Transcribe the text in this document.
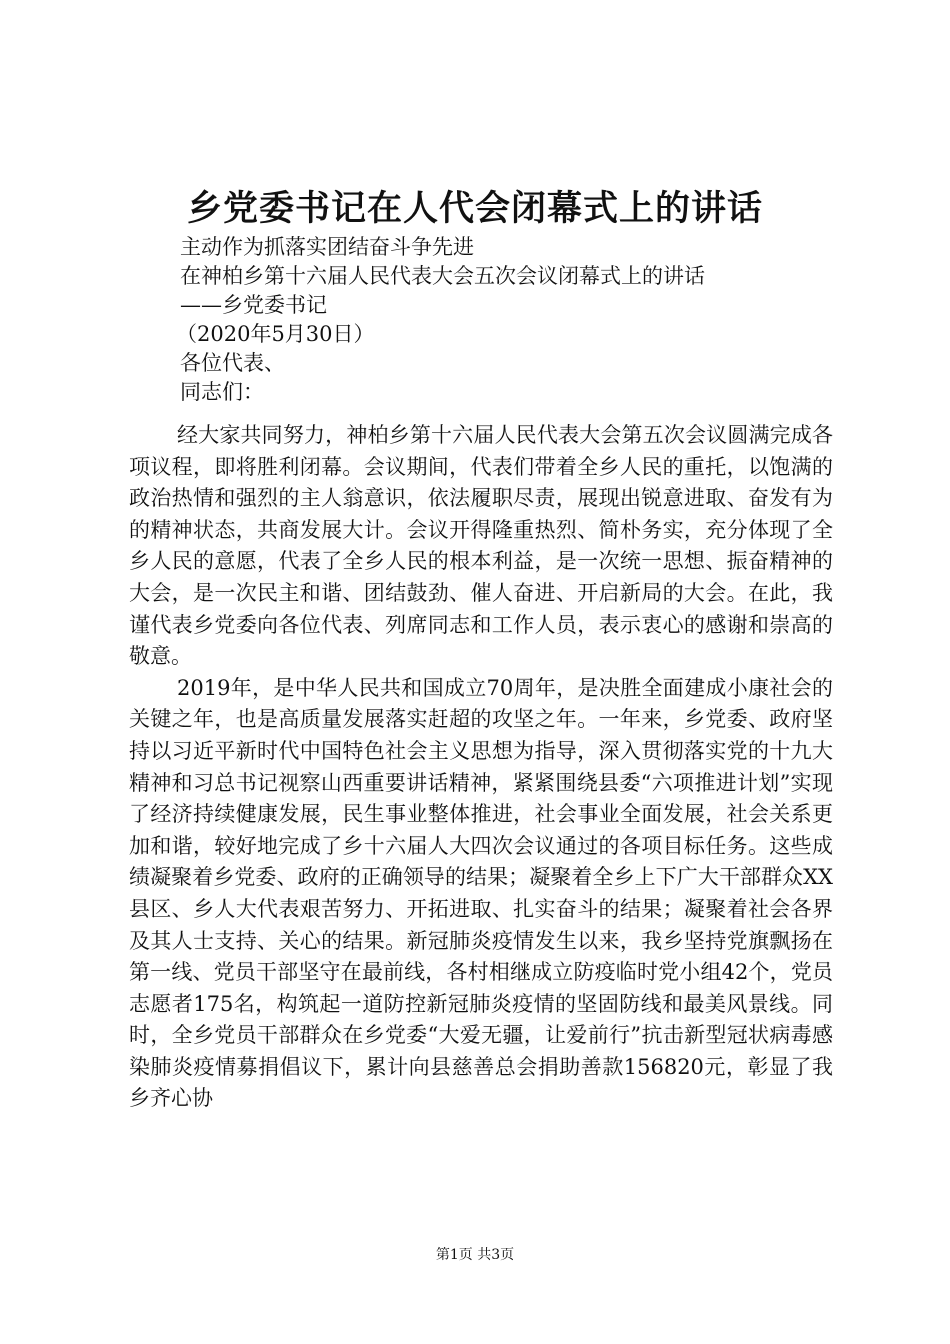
乡党委书记在人代会闭幕式上的讲话

主动作为抓落实团结奋斗争先进

在神柏乡第十六届人民代表大会五次会议闭幕式上的讲话

——乡党委书记

（2020年5月30日）

各位代表、

同志们：

经大家共同努力，神柏乡第十六届人民代表大会第五次会议圆满完成各项议程，即将胜利闭幕。会议期间，代表们带着全乡人民的重托，以饱满的政治热情和强烈的主人翁意识，依法履职尽责，展现出锐意进取、奋发有为的精神状态，共商发展大计。会议开得隆重热烈、简朴务实，充分体现了全乡人民的意愿，代表了全乡人民的根本利益，是一次统一思想、振奋精神的大会，是一次民主和谐、团结鼓劲、催人奋进、开启新局的大会。在此，我谨代表乡党委向各位代表、列席同志和工作人员，表示衷心的感谢和崇高的敬意。

2019年，是中华人民共和国成立70周年，是决胜全面建成小康社会的关键之年，也是高质量发展落实赶超的攻坚之年。一年来，乡党委、政府坚持以习近平新时代中国特色社会主义思想为指导，深入贯彻落实党的十九大精神和习总书记视察山西重要讲话精神，紧紧围绕县委“六项推进计划”实现了经济持续健康发展，民生事业整体推进，社会事业全面发展，社会关系更加和谐，较好地完成了乡十六届人大四次会议通过的各项目标任务。这些成绩凝聚着乡党委、政府的正确领导的结果；凝聚着全乡上下广大干部群众XX县区、乡人大代表艰苦努力、开拓进取、扎实奋斗的结果；凝聚着社会各界及其人士支持、关心的结果。新冠肺炎疫情发生以来，我乡坚持党旗飘扬在第一线、党员干部坚守在最前线，各村相继成立防疫临时党小组42个，党员志愿者175名，构筑起一道防控新冠肺炎疫情的坚固防线和最美风景线。同时，全乡党员干部群众在乡党委“大爱无疆，让爱前行”抗击新型冠状病毒感染肺炎疫情募捐倡议下，累计向县慈善总会捐助善款156820元，彰显了我乡齐心协

第1页 共3页
